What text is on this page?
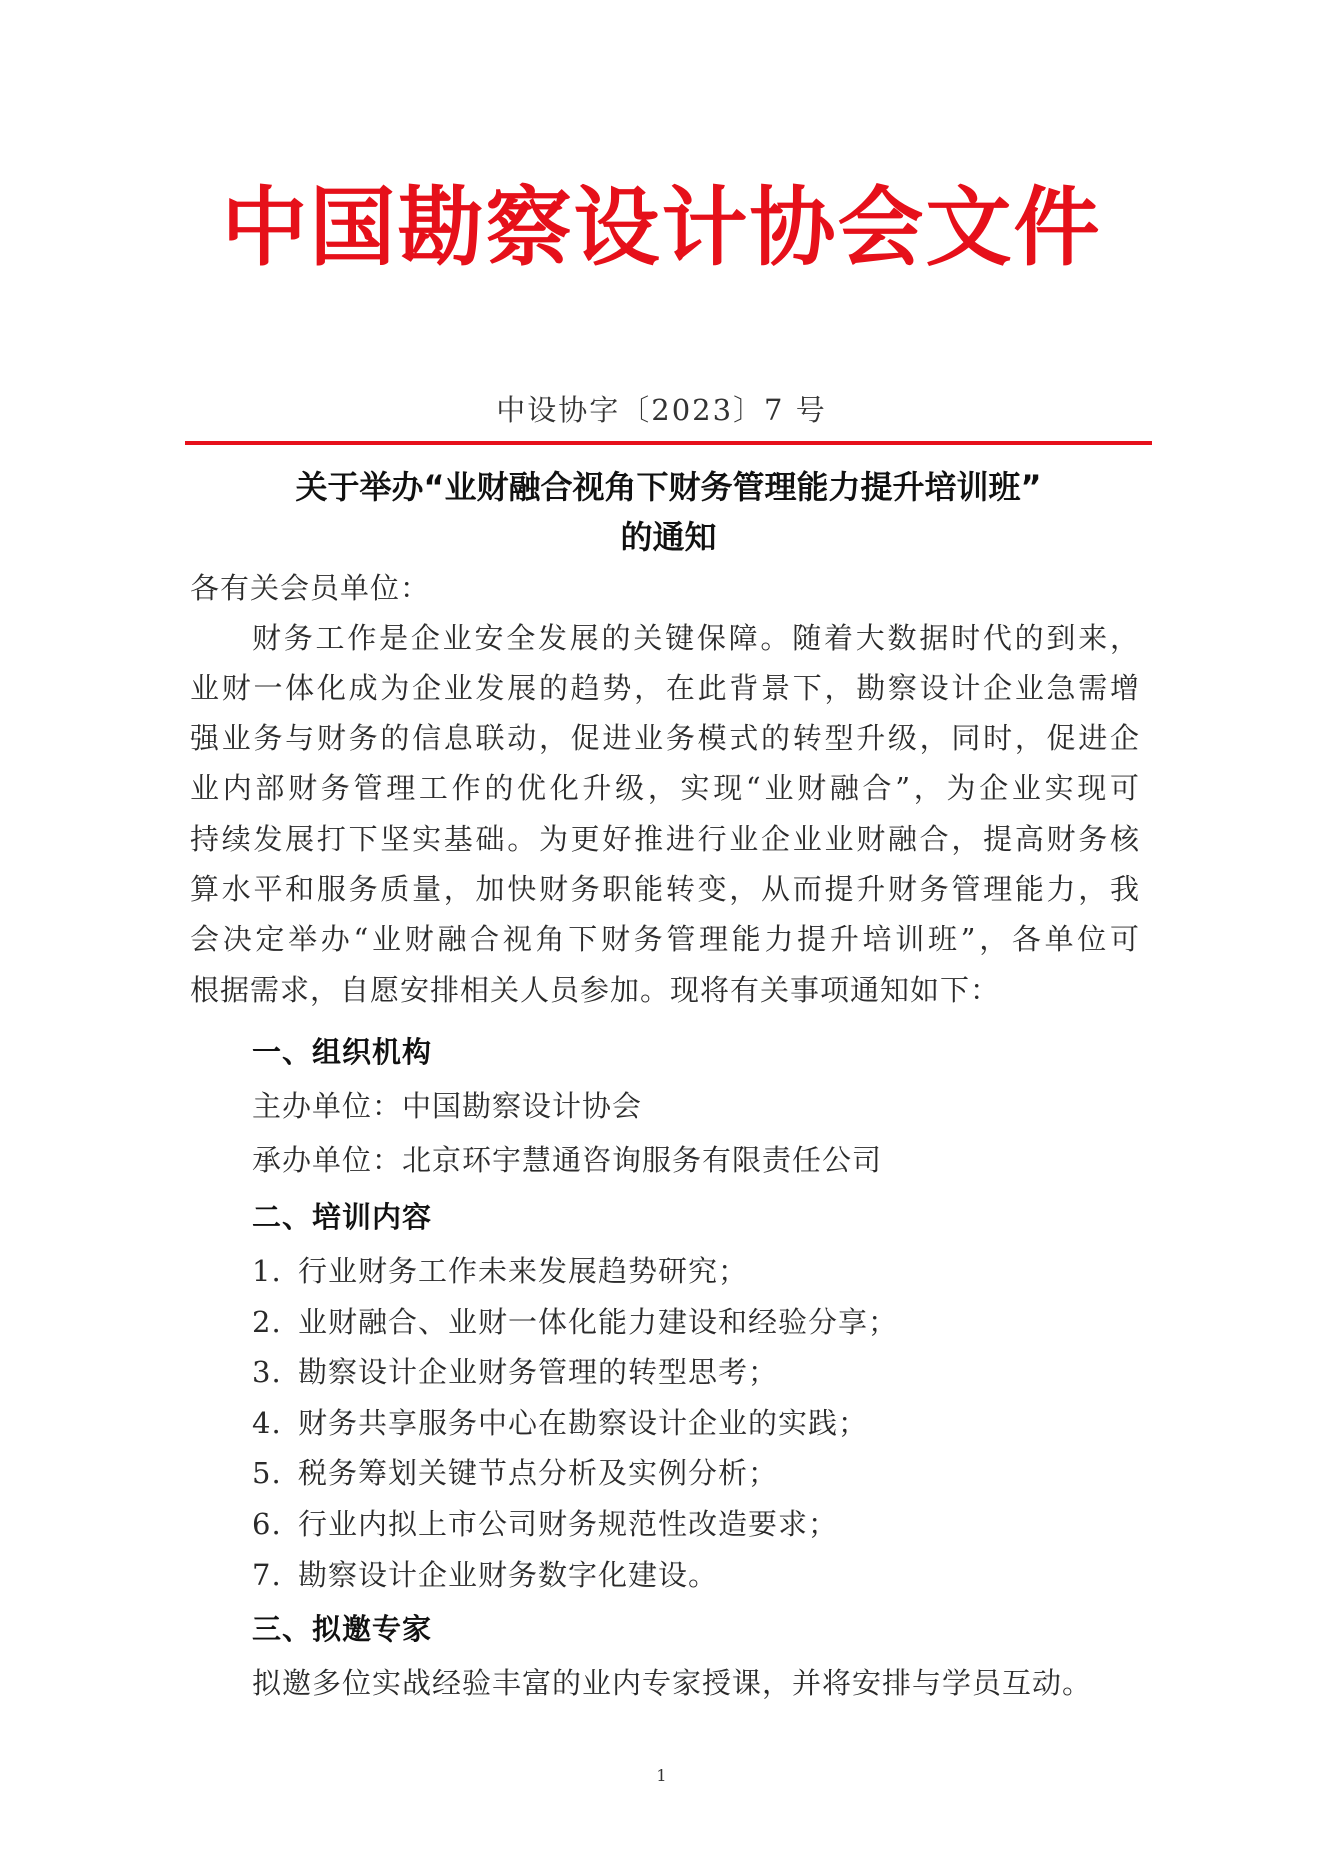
中国勘察设计协会文件
中设协字〔2023〕7 号
关于举办“业财融合视角下财务管理能力提升培训班”
的通知
各有关会员单位：
财务工作是企业安全发展的关键保障。随着大数据时代的到来，
业财一体化成为企业发展的趋势，在此背景下，勘察设计企业急需增
强业务与财务的信息联动，促进业务模式的转型升级，同时，促进企
业内部财务管理工作的优化升级，实现“业财融合”，为企业实现可
持续发展打下坚实基础。为更好推进行业企业业财融合，提高财务核
算水平和服务质量，加快财务职能转变，从而提升财务管理能力，我
会决定举办“业财融合视角下财务管理能力提升培训班”，各单位可
根据需求，自愿安排相关人员参加。现将有关事项通知如下：
一、组织机构
主办单位：中国勘察设计协会
承办单位：北京环宇慧通咨询服务有限责任公司
二、培训内容
1. 行业财务工作未来发展趋势研究；
2. 业财融合、业财一体化能力建设和经验分享；
3. 勘察设计企业财务管理的转型思考；
4. 财务共享服务中心在勘察设计企业的实践；
5. 税务筹划关键节点分析及实例分析；
6. 行业内拟上市公司财务规范性改造要求；
7. 勘察设计企业财务数字化建设。
三、拟邀专家
拟邀多位实战经验丰富的业内专家授课，并将安排与学员互动。
1
